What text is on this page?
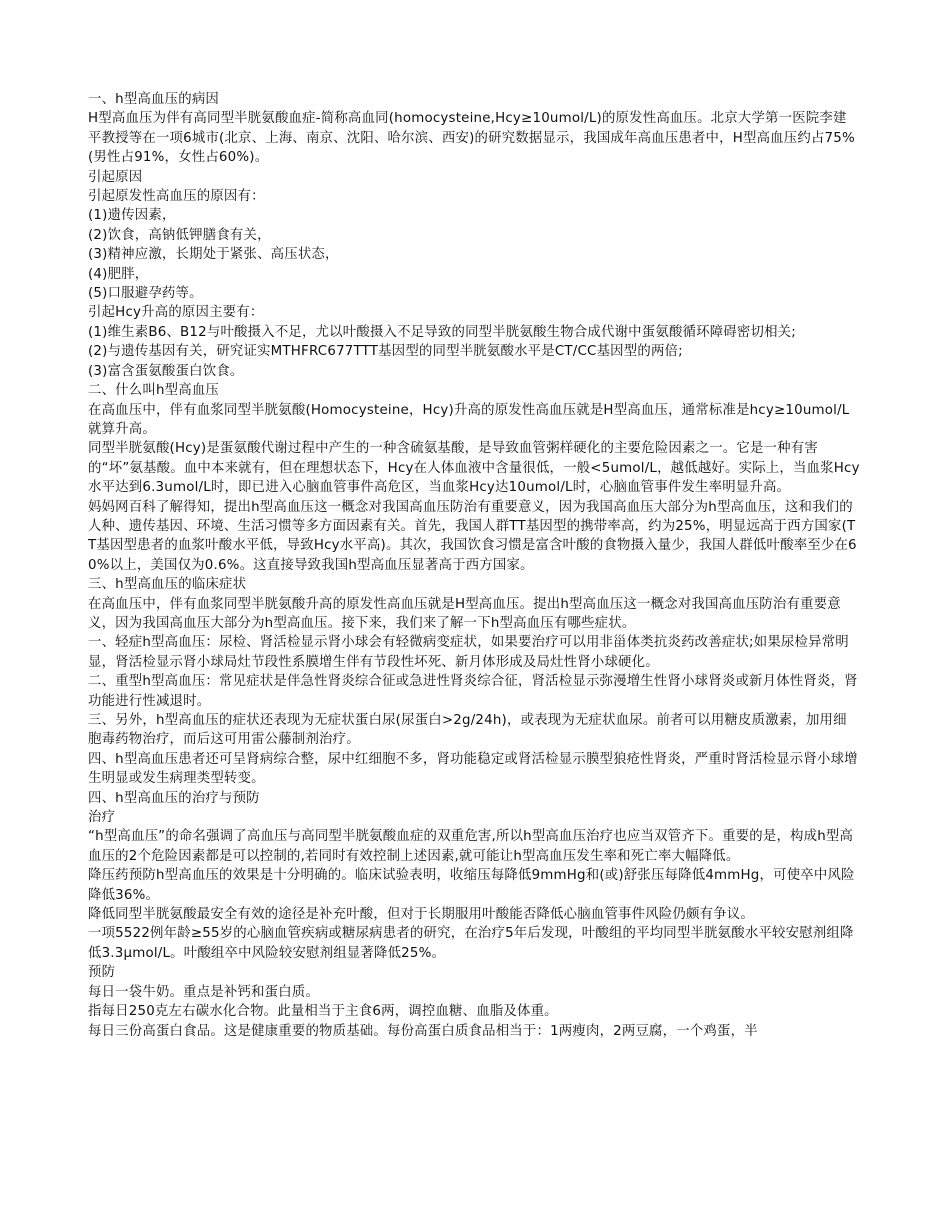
一、h型高血压的病因

H型高血压为伴有高同型半胱氨酸血症-简称高血同(homocysteine,Hcy≥10umol/L)的原发性高血压。北京大学第一医院李建平教授等在一项6城市(北京、上海、南京、沈阳、哈尔滨、西安)的研究数据显示，我国成年高血压患者中，H型高血压约占75%(男性占91%，女性占60%)。

引起原因

引起原发性高血压的原因有：

(1)遗传因素，

(2)饮食，高钠低钾膳食有关，

(3)精神应激，长期处于紧张、高压状态，

(4)肥胖，

(5)口服避孕药等。

引起Hcy升高的原因主要有：

(1)维生素B6、B12与叶酸摄入不足，尤以叶酸摄入不足导致的同型半胱氨酸生物合成代谢中蛋氨酸循环障碍密切相关;

(2)与遗传基因有关，研究证实MTHFRC677TTT基因型的同型半胱氨酸水平是CT/CC基因型的两倍;

(3)富含蛋氨酸蛋白饮食。

二、什么叫h型高血压

在高血压中，伴有血浆同型半胱氨酸(Homocysteine，Hcy)升高的原发性高血压就是H型高血压，通常标准是hcy≥10umol/L就算升高。

同型半胱氨酸(Hcy)是蛋氨酸代谢过程中产生的一种含硫氨基酸，是导致血管粥样硬化的主要危险因素之一。它是一种有害的“坏”氨基酸。血中本来就有，但在理想状态下，Hcy在人体血液中含量很低，一般<5umol/L，越低越好。实际上，当血浆Hcy水平达到6.3umol/L时，即已进入心脑血管事件高危区，当血浆Hcy达10umol/L时，心脑血管事件发生率明显升高。

妈妈网百科了解得知，提出h型高血压这一概念对我国高血压防治有重要意义，因为我国高血压大部分为h型高血压，这和我们的人种、遗传基因、环境、生活习惯等多方面因素有关。首先，我国人群TT基因型的携带率高，约为25%，明显远高于西方国家(TT基因型患者的血浆叶酸水平低，导致Hcy水平高)。其次，我国饮食习惯是富含叶酸的食物摄入量少，我国人群低叶酸率至少在60%以上，美国仅为0.6%。这直接导致我国h型高血压显著高于西方国家。

三、h型高血压的临床症状

在高血压中，伴有血浆同型半胱氨酸升高的原发性高血压就是H型高血压。提出h型高血压这一概念对我国高血压防治有重要意义，因为我国高血压大部分为h型高血压。接下来，我们来了解一下h型高血压有哪些症状。

一、轻症h型高血压：尿检、肾活检显示肾小球会有轻微病变症状，如果要治疗可以用非甾体类抗炎药改善症状;如果尿检异常明显，肾活检显示肾小球局灶节段性系膜增生伴有节段性坏死、新月体形成及局灶性肾小球硬化。

二、重型h型高血压：常见症状是伴急性肾炎综合征或急进性肾炎综合征，肾活检显示弥漫增生性肾小球肾炎或新月体性肾炎，肾功能进行性减退时。

三、另外，h型高血压的症状还表现为无症状蛋白尿(尿蛋白>2g/24h)，或表现为无症状血尿。前者可以用糖皮质激素，加用细胞毒药物治疗，而后这可用雷公藤制剂治疗。

四、h型高血压患者还可呈肾病综合整，尿中红细胞不多，肾功能稳定或肾活检显示膜型狼疮性肾炎，严重时肾活检显示肾小球增生明显或发生病理类型转变。

四、h型高血压的治疗与预防

治疗

“h型高血压”的命名强调了高血压与高同型半胱氨酸血症的双重危害,所以h型高血压治疗也应当双管齐下。重要的是，构成h型高血压的2个危险因素都是可以控制的,若同时有效控制上述因素,就可能让h型高血压发生率和死亡率大幅降低。

降压药预防h型高血压的效果是十分明确的。临床试验表明，收缩压每降低9mmHg和(或)舒张压每降低4mmHg，可使卒中风险降低36%。

降低同型半胱氨酸最安全有效的途径是补充叶酸，但对于长期服用叶酸能否降低心脑血管事件风险仍颇有争议。

一项5522例年龄≥55岁的心脑血管疾病或糖尿病患者的研究，在治疗5年后发现，叶酸组的平均同型半胱氨酸水平较安慰剂组降低3.3μmol/L。叶酸组卒中风险较安慰剂组显著降低25%。

预防

每日一袋牛奶。重点是补钙和蛋白质。

指每日250克左右碳水化合物。此量相当于主食6两，调控血糖、血脂及体重。

每日三份高蛋白食品。这是健康重要的物质基础。每份高蛋白质食品相当于：1两瘦肉，2两豆腐，一个鸡蛋，半
